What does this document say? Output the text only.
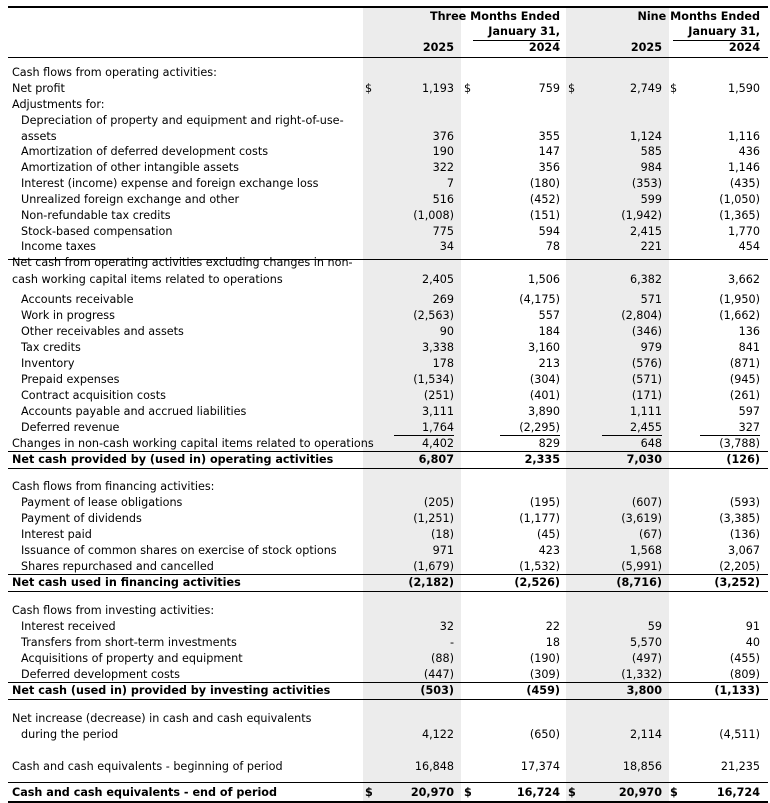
Three Months Ended	Nine Months Ended
January 31,	January 31,
2025	2024	2025	2024
Cash flows from operating activities:
Net profit	$	1,193 $	759 $	2,749 $	1,590
Adjustments for:
Depreciation of property and equipment and right-of-use-
assets	376	355	1,124	1,116
Amortization of deferred development costs	190	147	585	436
Amortization of other intangible assets	322	356	984	1,146
Interest (income) expense and foreign exchange loss	7	(180)	(353)	(435)
Unrealized foreign exchange and other	516	(452)	599	(1,050)
Non-refundable tax credits	(1,008)	(151)	(1,942)	(1,365)
Stock-based compensation	775	594	2,415	1,770
Income taxes	34	78	221	454
Net cash from operating activities excluding changes in non-
cash working capital items related to operations	2,405	1,506	6,382	3,662
Accounts receivable	269	(4,175)	571	(1,950)
Work in progress	(2,563)	557	(2,804)	(1,662)
Other receivables and assets	90	184	(346)	136
Tax credits	3,338	3,160	979	841
Inventory	178	213	(576)	(871)
Prepaid expenses	(1,534)	(304)	(571)	(945)
Contract acquisition costs	(251)	(401)	(171)	(261)
Accounts payable and accrued liabilities	3,111	3,890	1,111	597
Deferred revenue	1,764	(2,295)	2,455	327
Changes in non-cash working capital items related to operations	4,402	829	648	(3,788)
Net cash provided by (used in) operating activities	6,807	2,335	7,030	(126)
Cash flows from financing activities:
Payment of lease obligations	(205)	(195)	(607)	(593)
Payment of dividends	(1,251)	(1,177)	(3,619)	(3,385)
Interest paid	(18)	(45)	(67)	(136)
Issuance of common shares on exercise of stock options	971	423	1,568	3,067
Shares repurchased and cancelled	(1,679)	(1,532)	(5,991)	(2,205)
Net cash used in financing activities	(2,182)	(2,526)	(8,716)	(3,252)
Cash flows from investing activities:
Interest received	32	22	59	91
Transfers from short-term investments	-	18	5,570	40
Acquisitions of property and equipment	(88)	(190)	(497)	(455)
Deferred development costs	(447)	(309)	(1,332)	(809)
Net cash (used in) provided by investing activities	(503)	(459)	3,800	(1,133)
Net increase (decrease) in cash and cash equivalents
during the period	4,122	(650)	2,114	(4,511)
Cash and cash equivalents - beginning of period	16,848	17,374	18,856	21,235
Cash and cash equivalents - end of period	$	20,970 $	16,724 $	20,970 $	16,724
